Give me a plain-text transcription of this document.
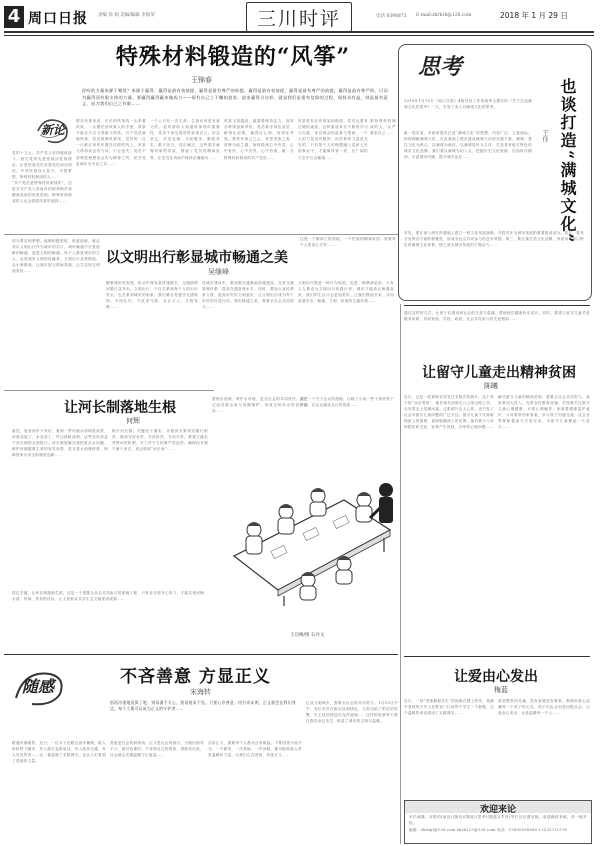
4 周口日报 责编 涂 娟 美编/编辑 李海荣	三川时评	电话 8398873 E-mail:zkrbrb@126.com	2018 年 1 月 29 日
特殊材料锻造的“风筝”
王锦春
你听的力量来源于哪里？来源于赢得：赢得是最有效前提，赢得是最有尊严的前提。赢得是最有效前提，赢得是最有尊严的前提，赢得是最有尊严的。只因为赢得而有限支持的力量，要赢得赢得赢来做成力——原有自己之不懈的追求。追求赢得日这样，就是我们是很有信仰的过程，保持具有温，则是最有意义，因为我们自己之有限……
新论
党的十九大，共产党人坚持继续奋斗，我们党的先进性纯洁性的保证，正是依靠党员坚强党性而实现的。中华民族伟大复兴，中国梦想，特殊材料制成的人……
“共产党员是特殊材料制成的”，这是对共产党人所肩负的使命职责和精神品质的形象说明。特殊材料制成的人也会面临风筝的选择……
想在风筝来说，长长的风筝线一头牵着风筝，一头握在放风筝人的手里，风筝才能在天空飞得稳飞得高。共产党员就像风筝，信念就像风筝线，党员的一言一行都应该牢牢握在信仰的线上，风筝飞得再高也有方向，不会迷失。党员干部要把理想信念作为精神之钙，把对党忠诚作为为官之本……
一个人只有一次生命，生命应该是有意义的。放风筝的人知道风筝线的重要性，党员干部也需时时检视自己。信念坚定、对党忠诚、为民服务、勤政务实、敢于担当、清正廉洁，这些要求就像风筝的骨架，撑起了党员的精神世界，让党员在风雨中保持正确航向……
风筝飞得越高，越需要保持定力。面对各种诱惑和考验，党员要守得住清贫、耐得住寂寞、稳得住心神、经得住考验。要常怀律己之心，常思贪欲之害，常修为政之德，始终做到心中有党、心中有民、心中有责、心中有戒，做一名特殊材料制成的共产党员……
风筝要有好的骨架和纸面，党员也要有过硬的素质。这种素质来自不断的学习与实践，来自群众的监督与帮助。一个人的力量是有限的，但信仰的力量是无穷的。只有把个人的理想融入党和人民的事业中，才能像风筝一样，在广阔的天空中自由翱翔……
做特殊材料制成的人，从严要求自己……
思考
也谈打造“满城文化”
王佳
2018年1月15日《周口日报》4版刊登了作者周秀玉撰写的《关于打造满城文化的思考》一文，引发了本人对满城文化的思考。
新一届市委、市政府提出打造“满城文化”的构想，内容广泛，立意深远。如何理解满城文化，在此基础上提出建设满城文化的实施方案。满城，是以文化为核心，以满城为载体，以满城居民为主体，打造具有地方特色的城市文化品牌。我们要以满城为切入点，挖掘历史文化资源，弘扬时代精神，丰富城市内涵，提升城市品位……
首先，要在深入研究的基础上建立一种文化发展战略，并将其作为城市发展的重要组成部分。其次，要充分发挥各方面的积极性，形成全社会共同参与的良好氛围。第三，要注重打造文化品牌，形成具有周口特色的满城文化体系，使之成为城市发展的不竭动力……
这是一个精神上的高地，一个民族的精神家园，需要每个人的用心守护……
因为要实现梦想，能够积极进取、锐意创新，就必须以文明出行作为城市的名片。城市畅通不仅是道路的畅通，更是文明的畅通。每个人都是城市的主人，也是城市文明的传播者。文明出行从我做起，从小事做起，让城市因文明而美丽，让生活因文明而美好……
以文明出行彰显城市畅通之美
吴继峰
随着城市的发展，机动车保有量快速增长，交通拥堵问题日益突出。文明出行，不仅关系到每个人的出行安全，也关系到城市的形象。我们要自觉遵守交通规则，不闯红灯，不乱穿马路，礼让行人，文明驾驶……
在城市建设中，要加强交通基础设施建设，完善交通管理体系，提高交通管理水平。同时，要加大宣传教育力度，提高市民的文明意识，让文明出行成为每个市民的自觉行动。城市畅通之美，需要全社会共同努力……
文明出行既是一种行为规范，也是一种精神追求。只有人人都成为文明出行的践行者，城市才能真正畅通起来，我们的生活才会更加美好。让我们携起手来，共同营造安全、畅通、文明、和谐的交通环境……
让河长制落地生根
何辉
最近，笔者到乡下采访，看到一些河流水质明显改善，河道变宽了，水变清了，岸边绿树成荫。这些变化得益于河长制的全面推行。河长制是解决我国复杂水问题、维护河湖健康生命的有效举措，是完善水治理体系、保障国家水安全的制度创新……
推行河长制，关键在于落实。各级河长要切实履行职责，做到守河有责、守河担责、守河尽责。要建立健全考核问责机制，对工作不力的要严肃追责，确保河长制不流于形式，真正做到“河长治”……
管理水资源，保护水环境，是全社会的共同责任。要广泛动员群众参与河湖保护，形成全民治水的良好格局……
这是一个关于会议的漫画，反映了当前一些干部热衷于开会、以会议落实会议的现象……
抓住关键，让河长制落地生根。这是一个需要全社会共同参与的系统工程，只有各方面齐心协力，才能实现河畅、水清、岸绿、景美的目标，让人民群众共享生态文明建设成果……
王启峰/图 石丹文
通过这样的方式，让孩子们感受到社会的关爱与温暖，帮助他们健康快乐成长。同时，要建立留守儿童关爱服务体系，形成家庭、学校、政府、社会共同参与的关爱格局……
让留守儿童走出精神贫困
陈曦
近日，这是一张被网友转发过无数次的照片。这个孩子的“冰花男孩”，他在寒冬清晨走几公里山路上学，头发眉毛上结满冰霜。这张照片让人心疼，也引发了社会对留守儿童问题的广泛关注。留守儿童不仅面临物质上的困难，更面临精神上的贫困。他们缺少父母的陪伴和关爱，容易产生孤独、自卑等心理问题……
解决留守儿童的精神贫困，需要全社会共同努力。政府要加大投入，完善农村教育设施；学校要关注留守儿童心理健康，开展心理辅导；家庭要增强监护意识，父母要常回家看看，多与孩子沟通交流；社会各界要积极参与关爱行动，为留守儿童撑起一片蓝天……
随感	不吝善意 方显正义
宋海转
别再冷漠地说算了吧，别再漠不关心，别再视而不见。只要心存善意，用行动证明，正义就会在我们身边。每个人都可以成为正义的守护者……
路遇车祸重伤，近日，一位女子在路边被车撞倒，路人纷纷停下脚步，有人拨打急救电话，有人疏导交通，有人安抚伤者……这一幕温暖了无数网友，也让人们看到了善意的力量。
善意是社会的润滑剂，正义是社会的基石。当我们面对不公、面对危难时，不吝惜自己的善意，勇敢站出来，社会就会充满温暖与正能量……
弘扬正义，需要每个人都从自身做起。不要因善小而不为，一个微笑、一次帮助、一声问候，都可能给他人带来温暖和力量。让我们心存善意，传递正义……
打造文明城市，需要全社会的共同努力。1月10日中午，有位市民在街头捡到钱包，立即交给了附近的民警，失主找回钱包后连声道谢……这样的故事每天都在我们身边发生，彰显了城市的文明与温暖。
让爱由心发出
梅蓝
近日，一则“老师拥抱学生”的视频在网上热传，视频中老师每天早上在教室门口给每个学生一个拥抱，这个温暖的举动感动了无数网友……
爱是教育的灵魂，没有爱就没有教育。教师用爱心浇灌每一个孩子的心灵，孩子们也会用爱回报社会。让爱由心发出，让爱温暖每一个人……
欢迎来论
本栏诚邀，本报的(新论)(随论)(随笔)(思考)(随感)(声音)等栏目长期征稿，欢迎踊跃来稿，请一稿多投。
邮箱：zkrbpl@126.com zkrb123@126.com 电话：15890598680 13525731576
